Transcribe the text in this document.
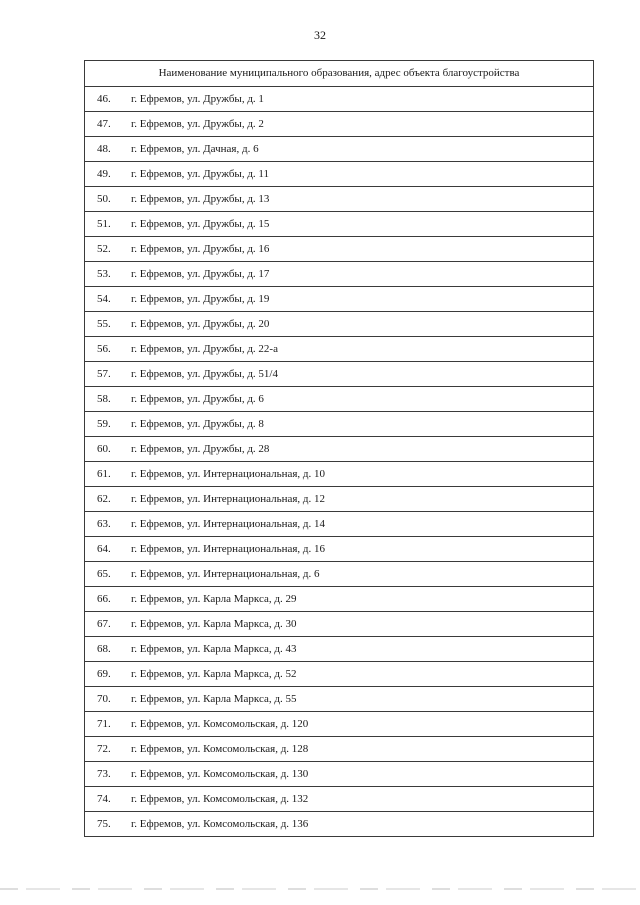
32
Наименование муниципального образования, адрес объекта благоустройства
46. г. Ефремов, ул. Дружбы, д. 1
47. г. Ефремов, ул. Дружбы, д. 2
48. г. Ефремов, ул. Дачная, д. 6
49. г. Ефремов, ул. Дружбы, д. 11
50. г. Ефремов, ул. Дружбы, д. 13
51. г. Ефремов, ул. Дружбы, д. 15
52. г. Ефремов, ул. Дружбы, д. 16
53. г. Ефремов, ул. Дружбы, д. 17
54. г. Ефремов, ул. Дружбы, д. 19
55. г. Ефремов, ул. Дружбы, д. 20
56. г. Ефремов, ул. Дружбы, д. 22-а
57. г. Ефремов, ул. Дружбы, д. 51/4
58. г. Ефремов, ул. Дружбы, д. 6
59. г. Ефремов, ул. Дружбы, д. 8
60. г. Ефремов, ул. Дружбы, д. 28
61. г. Ефремов, ул. Интернациональная, д. 10
62. г. Ефремов, ул. Интернациональная, д. 12
63. г. Ефремов, ул. Интернациональная, д. 14
64. г. Ефремов, ул. Интернациональная, д. 16
65. г. Ефремов, ул. Интернациональная, д. 6
66. г. Ефремов, ул. Карла Маркса, д. 29
67. г. Ефремов, ул. Карла Маркса, д. 30
68. г. Ефремов, ул. Карла Маркса, д. 43
69. г. Ефремов, ул. Карла Маркса, д. 52
70. г. Ефремов, ул. Карла Маркса, д. 55
71. г. Ефремов, ул. Комсомольская, д. 120
72. г. Ефремов, ул. Комсомольская, д. 128
73. г. Ефремов, ул. Комсомольская, д. 130
74. г. Ефремов, ул. Комсомольская, д. 132
75. г. Ефремов, ул. Комсомольская, д. 136
